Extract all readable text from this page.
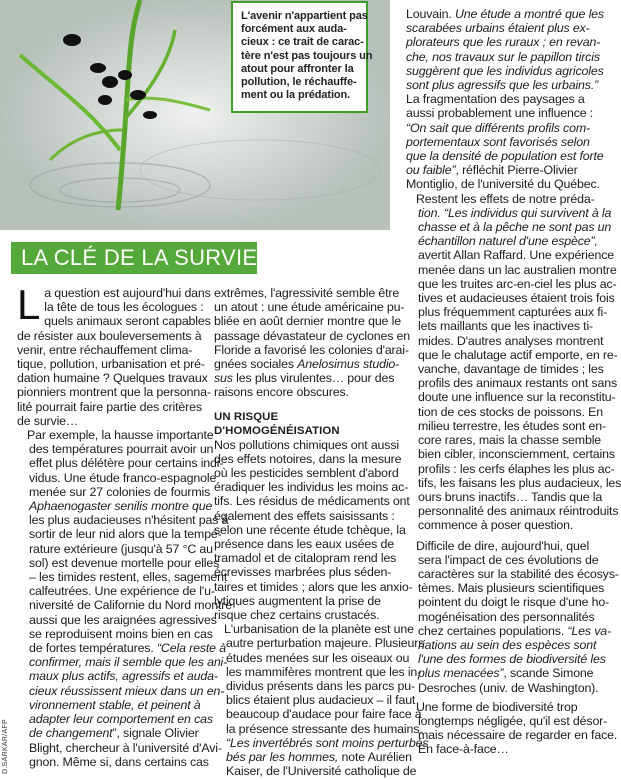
L'avenir n'appartient pas
forcément aux auda-
cieux : ce trait de carac-
tère n'est pas toujours un
atout pour affronter la
pollution, le réchauffe-
ment ou la prédation.
LA CLÉ DE LA SURVIE

L a question est aujourd'hui dans
la tête de tous les écologues :
quels animaux seront capables
de résister aux bouleversements à
venir, entre réchauffement clima-
tique, pollution, urbanisation et pré-
dation humaine ? Quelques travaux
pionniers montrent que la personna-
lité pourrait faire partie des critères
de survie…

Par exemple, la hausse importante
des températures pourrait avoir un
effet plus délétère pour certains indi-
vidus. Une étude franco-espagnole
menée sur 27 colonies de fourmis
Aphaenogaster senilis montre que
les plus audacieuses n'hésitent pas à
sortir de leur nid alors que la tempé-
rature extérieure (jusqu'à 57 °C au
sol) est devenue mortelle pour elles
– les timides restent, elles, sagement
calfeutrées. Une expérience de l'u-
niversité de Californie du Nord montre
aussi que les araignées agressives
se reproduisent moins bien en cas
de fortes températures. “Cela reste à
confirmer, mais il semble que les ani-
maux plus actifs, agressifs et auda-
cieux réussissent mieux dans un en-
vironnement stable, et peinent à
adapter leur comportement en cas
de changement”, signale Olivier
Blight, chercheur à l'université d'Avi-
gnon. Même si, dans certains cas

extrêmes, l'agressivité semble être
un atout : une étude américaine pu-
bliée en août dernier montre que le
passage dévastateur de cyclones en
Floride a favorisé les colonies d'arai-
gnées sociales Anelosimus studio-
sus les plus virulentes… pour des
raisons encore obscures.

UN RISQUE D'HOMOGÉNÉISATION

Nos pollutions chimiques ont aussi
des effets notoires, dans la mesure
où les pesticides semblent d'abord
éradiquer les individus les moins ac-
tifs. Les résidus de médicaments ont
également des effets saisissants :
selon une récente étude tchèque, la
présence dans les eaux usées de
tramadol et de citalopram rend les
écrevisses marbrées plus séden-
taires et timides ; alors que les anxio-
lytiques augmentent la prise de
risque chez certains crustacés.

L'urbanisation de la planète est une
autre perturbation majeure. Plusieurs
études menées sur les oiseaux ou
les mammifères montrent que les in-
dividus présents dans les parcs pu-
blics étaient plus audacieux – il faut
beaucoup d'audace pour faire face à
la présence stressante des humains.
“Les invertébrés sont moins perturbés
bés par les hommes, note Aurélien
Kaiser, de l'Université catholique de

Louvain. Une étude a montré que les
scarabées urbains étaient plus ex-
plorateurs que les ruraux ; en revan-
che, nos travaux sur le papillon tircis
suggèrent que les individus agricoles
sont plus agressifs que les urbains.”
La fragmentation des paysages a
aussi probablement une influence :
“On sait que différents profils com-
portementaux sont favorisés selon
que la densité de population est forte
ou faible”, réfléchit Pierre-Olivier
Montiglio, de l'université du Québec.

Restent les effets de notre préda-
tion. “Les individus qui survivent à la
chasse et à la pêche ne sont pas un
échantillon naturel d'une espèce”,
avertit Allan Raffard. Une expérience
menée dans un lac australien montre
que les truites arc-en-ciel les plus ac-
tives et audacieuses étaient trois fois
plus fréquemment capturées aux fi-
lets maillants que les inactives ti-
mides. D'autres analyses montrent
que le chalutage actif emporte, en re-
vanche, davantage de timides ; les
profils des animaux restants ont sans
doute une influence sur la reconstitu-
tion de ces stocks de poissons. En
milieu terrestre, les études sont en-
core rares, mais la chasse semble
bien cibler, inconsciemment, certains
profils : les cerfs élaphes les plus ac-
tifs, les faisans les plus audacieux, les
ours bruns inactifs… Tandis que la
personnalité des animaux réintroduits
commence à poser question.

Difficile de dire, aujourd'hui, quel
sera l'impact de ces évolutions de
caractères sur la stabilité des écosys-
tèmes. Mais plusieurs scientifiques
pointent du doigt le risque d'une ho-
mogénéisation des personnalités
chez certaines populations. “Les va-
riations au sein des espèces sont
l'une des formes de biodiversité les
plus menacées”, scande Simone
Desroches (univ. de Washington).

Une forme de biodiversité trop
longtemps négligée, qu'il est désor-
mais nécessaire de regarder en face.
En face-à-face…

D.SARKAR/AFP
